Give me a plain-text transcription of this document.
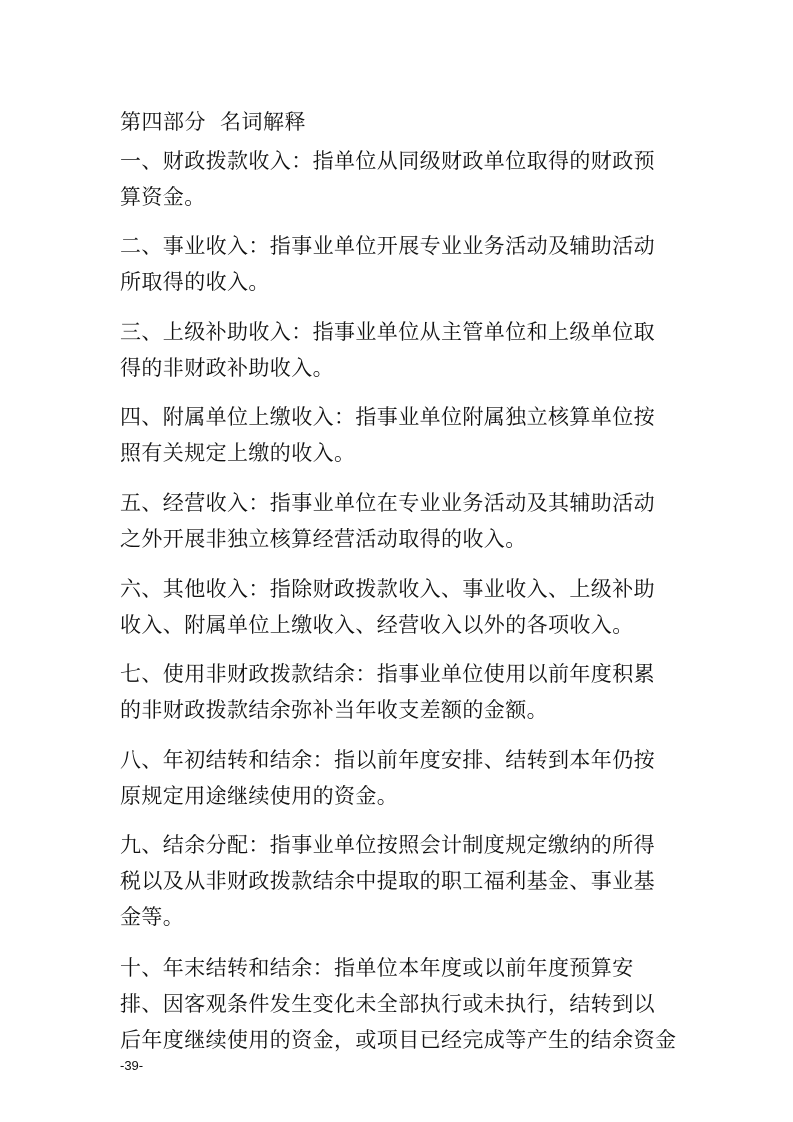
第四部分 名词解释

一、财政拨款收入：指单位从同级财政单位取得的财政预
算资金。

二、事业收入：指事业单位开展专业业务活动及辅助活动
所取得的收入。

三、上级补助收入：指事业单位从主管单位和上级单位取
得的非财政补助收入。

四、附属单位上缴收入：指事业单位附属独立核算单位按
照有关规定上缴的收入。

五、经营收入：指事业单位在专业业务活动及其辅助活动
之外开展非独立核算经营活动取得的收入。

六、其他收入：指除财政拨款收入、事业收入、上级补助
收入、附属单位上缴收入、经营收入以外的各项收入。

七、使用非财政拨款结余：指事业单位使用以前年度积累
的非财政拨款结余弥补当年收支差额的金额。

八、年初结转和结余：指以前年度安排、结转到本年仍按
原规定用途继续使用的资金。

九、结余分配：指事业单位按照会计制度规定缴纳的所得
税以及从非财政拨款结余中提取的职工福利基金、事业基
金等。

十、年末结转和结余：指单位本年度或以前年度预算安
排、因客观条件发生变化未全部执行或未执行，结转到以
后年度继续使用的资金，或项目已经完成等产生的结余资金

-39-
